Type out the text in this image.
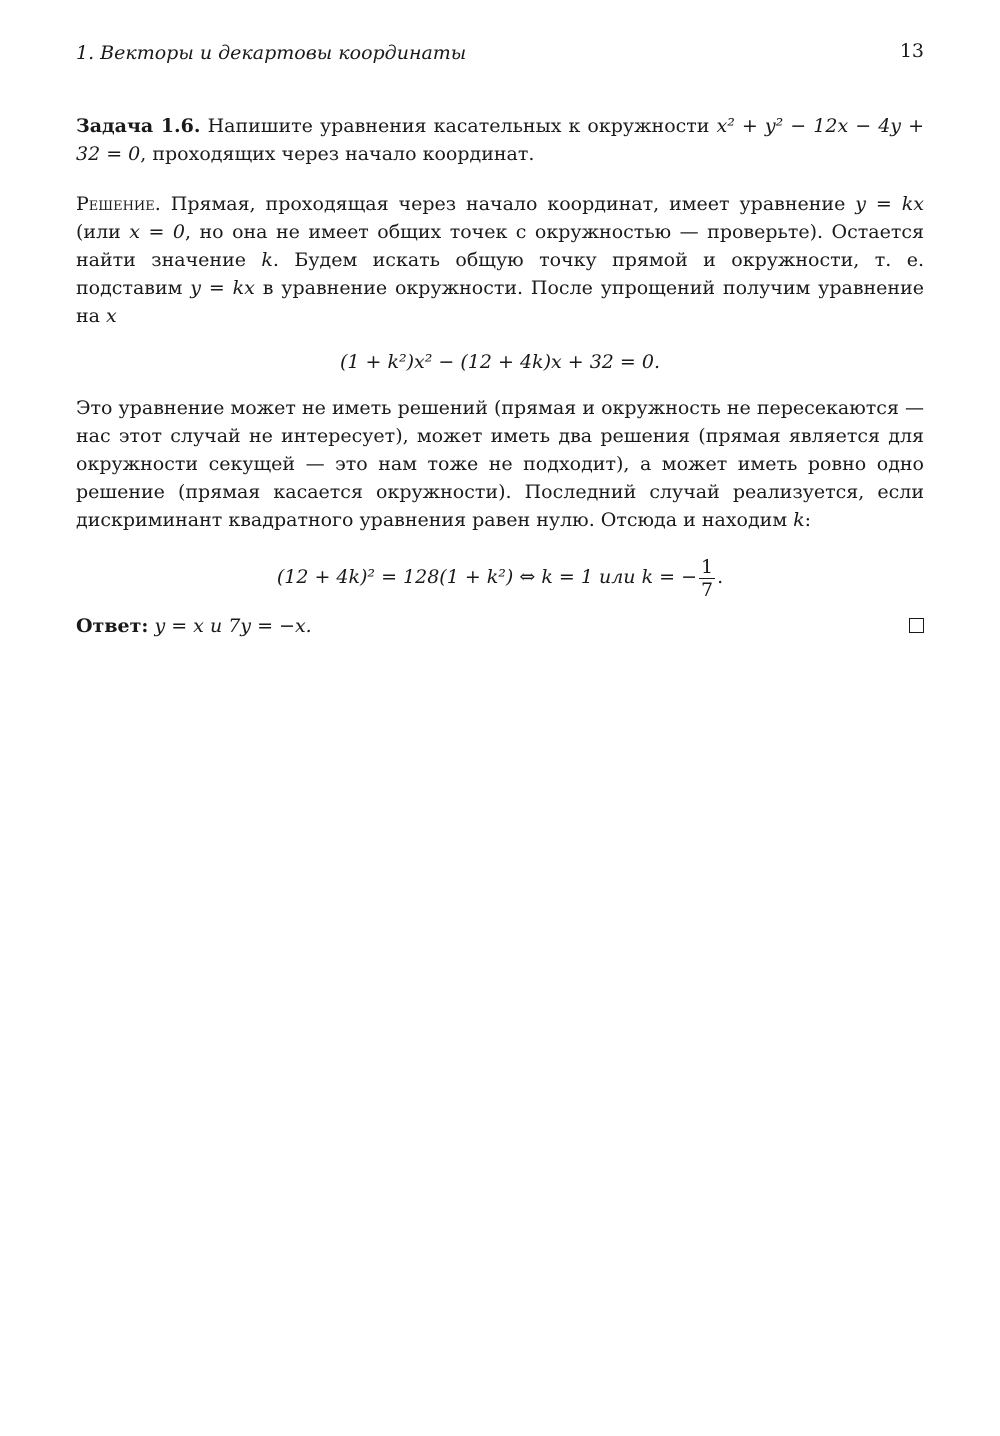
1. Векторы и декартовы координаты	13

Задача 1.6. Напишите уравнения касательных к окружности x² + y² − 12x − 4y + 32 = 0, проходящих через начало координат.

Решение. Прямая, проходящая через начало координат, имеет уравнение y = kx (или x = 0, но она не имеет общих точек с окружностью — проверьте). Остается найти значение k. Будем искать общую точку прямой и окружности, т. е. подставим y = kx в уравнение окружности. После упрощений получим уравнение на x

(1 + k²)x² − (12 + 4k)x + 32 = 0.

Это уравнение может не иметь решений (прямая и окружность не пересекаются — нас этот случай не интересует), может иметь два решения (прямая является для окружности секущей — это нам тоже не подходит), а может иметь ровно одно решение (прямая касается окружности). Последний случай реализуется, если дискриминант квадратного уравнения равен нулю. Отсюда и находим k:

(12 + 4k)² = 128(1 + k²) ⇔ k = 1 или k = − $\frac{1}{7}$ .
Ответ: y = x и 7y = −x.
